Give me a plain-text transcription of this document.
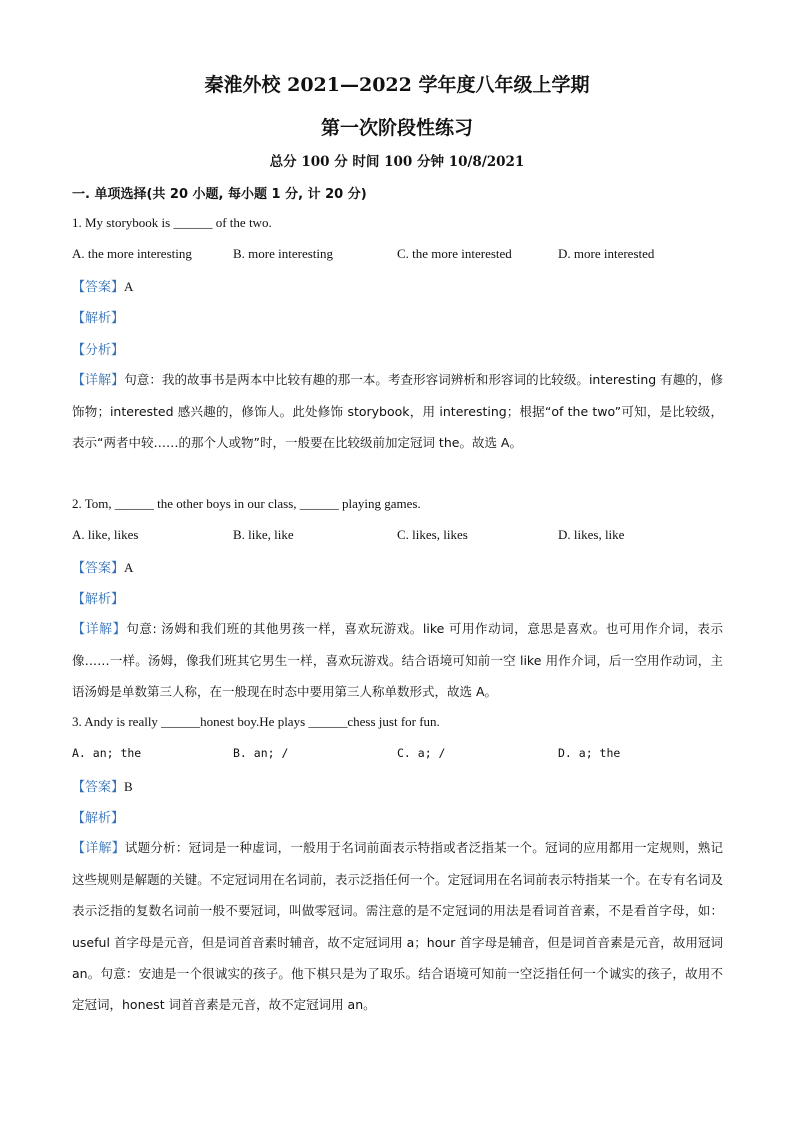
秦淮外校 2021—2022 学年度八年级上学期
第一次阶段性练习
总分 100 分 时间 100 分钟 10/8/2021
一. 单项选择(共 20 小题, 每小题 1 分, 计 20 分)
1. My storybook is ______ of the two.
A. the more interesting	B. more interesting	C. the more interested	D. more interested
【答案】A
【解析】
【分析】
【详解】句意：我的故事书是两本中比较有趣的那一本。考查形容词辨析和形容词的比较级。interesting 有趣的，修饰物；interested 感兴趣的，修饰人。此处修饰 storybook，用 interesting；根据“of the two”可知，是比较级，表示“两者中较……的那个人或物”时，一般要在比较级前加定冠词 the。故选 A。
2. Tom, ______ the other boys in our class, ______ playing games.
A. like, likes	B. like, like	C. likes, likes	D. likes, like
【答案】A
【解析】
【详解】句意: 汤姆和我们班的其他男孩一样，喜欢玩游戏。like 可用作动词，意思是喜欢。也可用作介词，表示像……一样。汤姆，像我们班其它男生一样，喜欢玩游戏。结合语境可知前一空 like 用作介词，后一空用作动词，主语汤姆是单数第三人称，在一般现在时态中要用第三人称单数形式，故选 A。
3. Andy is really ______honest boy.He plays ______chess just for fun.
A. an; the	B. an; /	C. a; /	D. a; the
【答案】B
【解析】
【详解】试题分析：冠词是一种虚词，一般用于名词前面表示特指或者泛指某一个。冠词的应用都用一定规则，熟记这些规则是解题的关键。不定冠词用在名词前，表示泛指任何一个。定冠词用在名词前表示特指某一个。在专有名词及表示泛指的复数名词前一般不要冠词，叫做零冠词。需注意的是不定冠词的用法是看词首音素，不是看首字母，如：useful 首字母是元音，但是词首音素时辅音，故不定冠词用 a；hour 首字母是辅音，但是词首音素是元音，故用冠词 an。句意：安迪是一个很诚实的孩子。他下棋只是为了取乐。结合语境可知前一空泛指任何一个诚实的孩子，故用不定冠词，honest 词首音素是元音，故不定冠词用 an。
